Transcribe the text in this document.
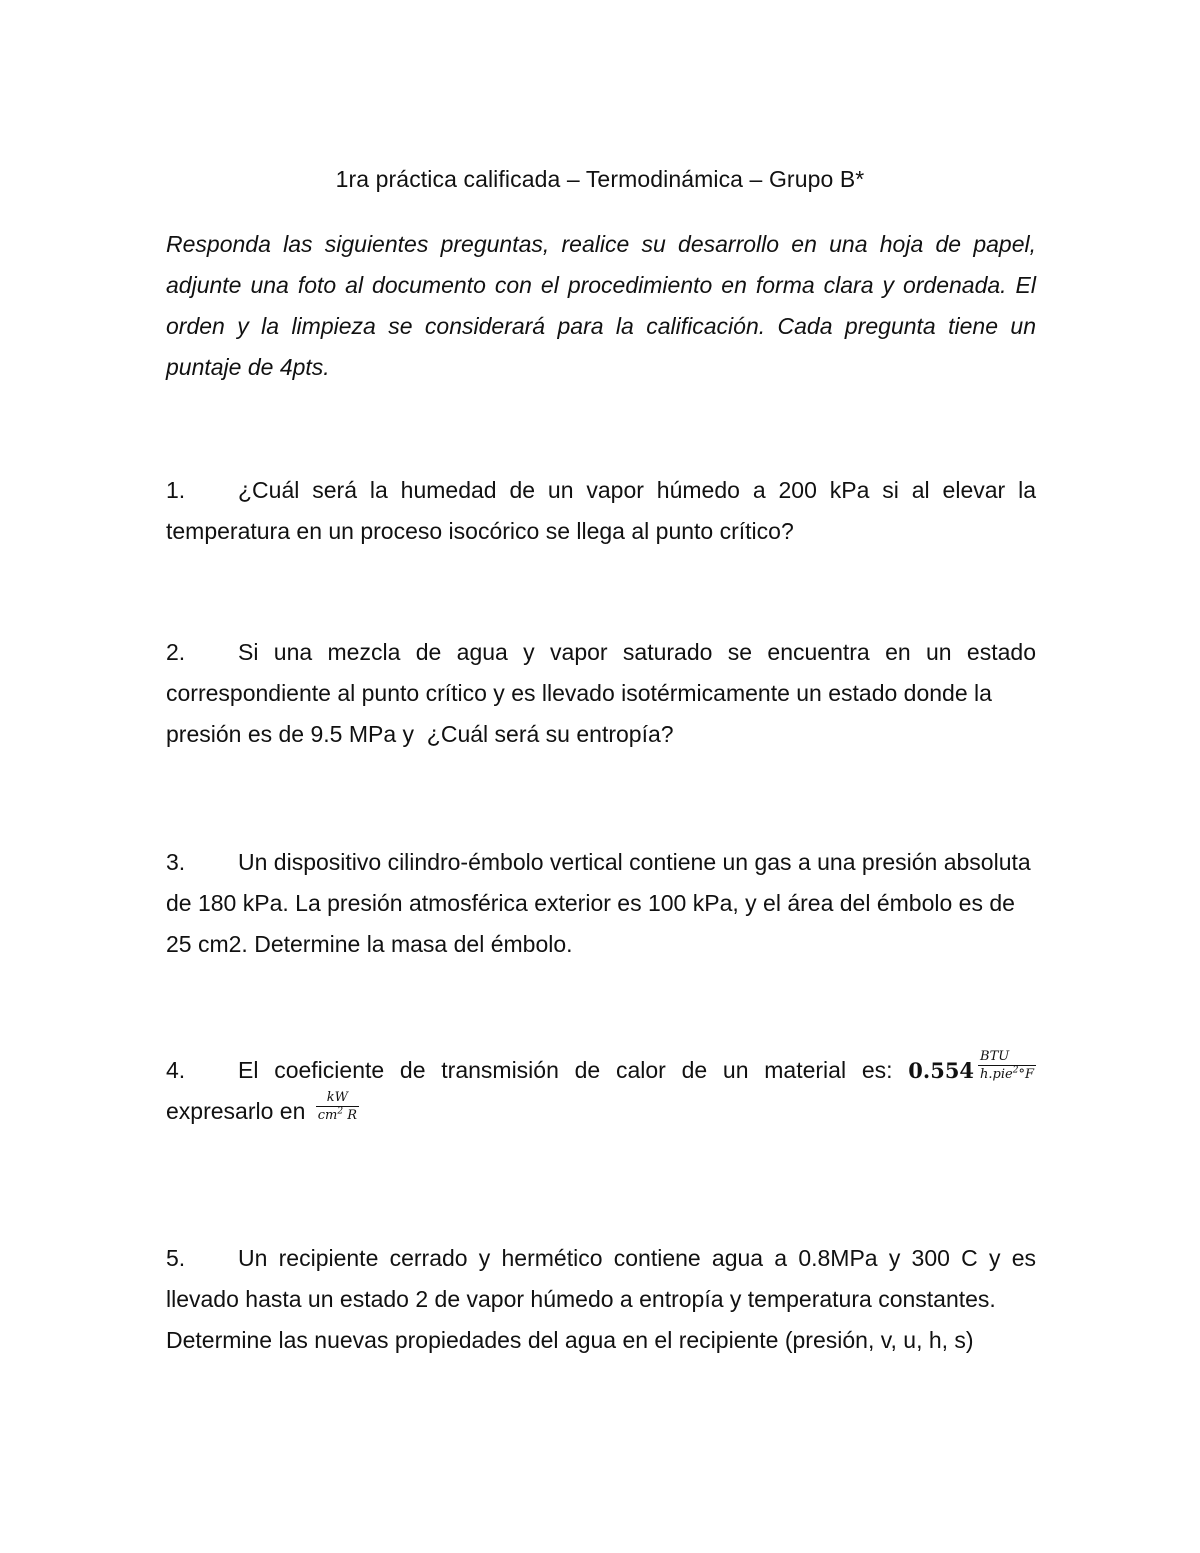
1ra práctica calificada – Termodinámica – Grupo B*
Responda las siguientes preguntas, realice su desarrollo en una hoja de papel, adjunte una foto al documento con el procedimiento en forma clara y ordenada. El orden y la limpieza se considerará para la calificación. Cada pregunta tiene un puntaje de 4pts.
1. ¿Cuál será la humedad de un vapor húmedo a 200 kPa si al elevar la
temperatura en un proceso isocórico se llega al punto crítico?
2. Si una mezcla de agua y vapor saturado se encuentra en un estado
correspondiente al punto crítico y es llevado isotérmicamente un estado donde la
presión es de 9.5 MPa y  ¿Cuál será su entropía?
3. Un dispositivo cilindro-émbolo vertical contiene un gas a una presión absoluta
de 180 kPa. La presión atmosférica exterior es 100 kPa, y el área del émbolo es de
25 cm2. Determine la masa del émbolo.
4. El coeficiente de transmisión de calor de un material es: $0.554 \frac{\text{BTU}}{h.pie^2^\circ F}$
expresarlo en $\frac{kW}{cm^2 R}$
5. Un recipiente cerrado y hermético contiene agua a 0.8MPa y 300 C y es
llevado hasta un estado 2 de vapor húmedo a entropía y temperatura constantes.
Determine las nuevas propiedades del agua en el recipiente (presión, v, u, h, s)
